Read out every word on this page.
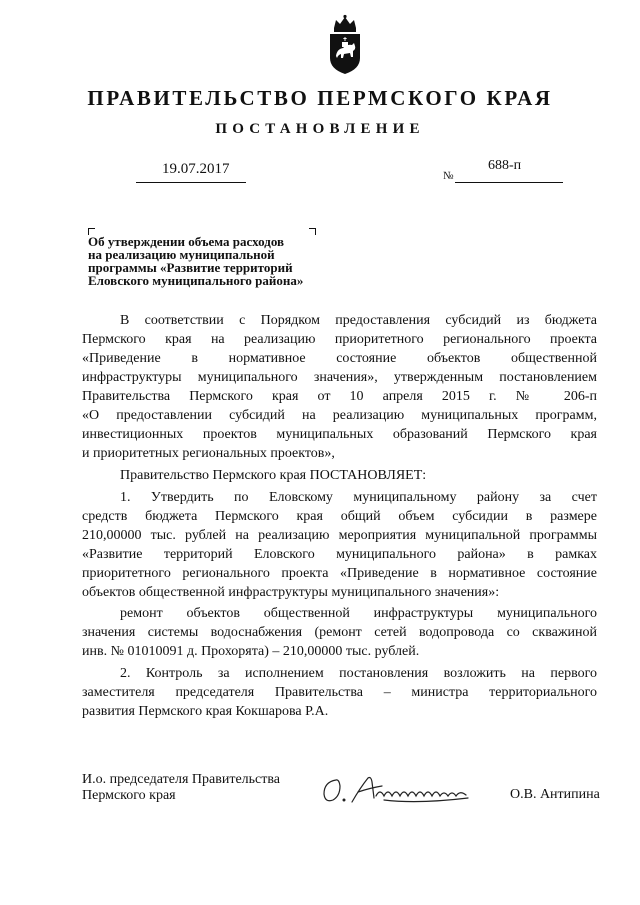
ПРАВИТЕЛЬСТВО ПЕРМСКОГО КРАЯ
ПОСТАНОВЛЕНИЕ
19.07.2017	№
688-п
Об утверждении объема расходов
на реализацию муниципальной
программы «Развитие территорий
Еловского муниципального района»
В соответствии с Порядком предоставления субсидий из бюджета
Пермского края на реализацию приоритетного регионального проекта
«Приведение в нормативное состояние объектов общественной
инфраструктуры муниципального значения», утвержденным постановлением
Правительства Пермского края от 10 апреля 2015 г. № 206-п
«О предоставлении субсидий на реализацию муниципальных программ,
инвестиционных проектов муниципальных образований Пермского края
и приоритетных региональных проектов»,
Правительство Пермского края ПОСТАНОВЛЯЕТ:
1. Утвердить по Еловскому муниципальному району за счет
средств бюджета Пермского края общий объем субсидии в размере
210,00000 тыс. рублей на реализацию мероприятия муниципальной программы
«Развитие территорий Еловского муниципального района» в рамках
приоритетного регионального проекта «Приведение в нормативное состояние
объектов общественной инфраструктуры муниципального значения»:
ремонт объектов общественной инфраструктуры муниципального
значения системы водоснабжения (ремонт сетей водопровода со скважиной
инв. № 01010091 д. Прохорята) – 210,00000 тыс. рублей.
2. Контроль за исполнением постановления возложить на первого
заместителя председателя Правительства – министра территориального
развития Пермского края Кокшарова Р.А.
И.о. председателя Правительства
Пермского края	О.В. Антипина
